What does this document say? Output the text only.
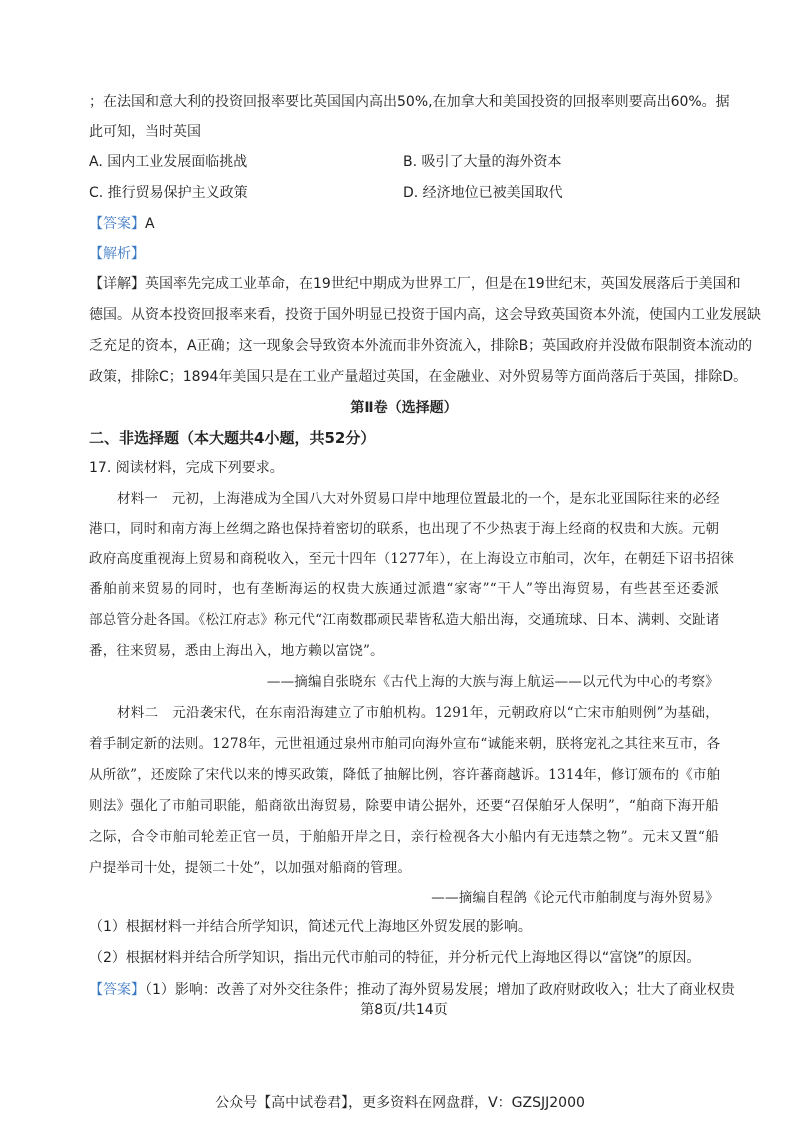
；在法国和意大利的投资回报率要比英国国内高出50%,在加拿大和美国投资的回报率则要高出60%。据
此可知，当时英国
A. 国内工业发展面临挑战	B. 吸引了大量的海外资本
C. 推行贸易保护主义政策	D. 经济地位已被美国取代
【答案】A
【解析】
【详解】英国率先完成工业革命，在19世纪中期成为世界工厂，但是在19世纪末，英国发展落后于美国和
德国。从资本投资回报率来看，投资于国外明显已投资于国内高，这会导致英国资本外流，使国内工业发展缺
乏充足的资本，A正确；这一现象会导致资本外流而非外资流入，排除B；英国政府并没做布限制资本流动的
政策，排除C；1894年美国只是在工业产量超过英国，在金融业、对外贸易等方面尚落后于英国，排除D。
第Ⅱ卷（选择题）
二、非选择题（本大题共4小题，共52分）
17. 阅读材料，完成下列要求。
材料一　元初，上海港成为全国八大对外贸易口岸中地理位置最北的一个，是东北亚国际往来的必经
港口，同时和南方海上丝绸之路也保持着密切的联系，也出现了不少热衷于海上经商的权贵和大族。元朝
政府高度重视海上贸易和商税收入，至元十四年（1277年），在上海设立市舶司，次年，在朝廷下诏书招徕
番舶前来贸易的同时，也有垄断海运的权贵大族通过派遣“家寄”“干人”等出海贸易，有些甚至还委派
部总管分赴各国。《松江府志》称元代“江南数郡顽民辈皆私造大船出海，交通琉球、日本、满剌、交趾诸
番，往来贸易，悉由上海出入，地方赖以富饶”。
——摘编自张晓东《古代上海的大族与海上航运——以元代为中心的考察》
材料二　元沿袭宋代，在东南沿海建立了市舶机构。1291年，元朝政府以“亡宋市舶则例”为基础，
着手制定新的法则。1278年，元世祖通过泉州市舶司向海外宣布“诚能来朝，朕将宠礼之其往来互市，各
从所欲”，还废除了宋代以来的博买政策，降低了抽解比例，容许蕃商越诉。1314年，修订颁布的《市舶
则法》强化了市舶司职能，船商欲出海贸易，除要申请公据外，还要“召保舶牙人保明”，“舶商下海开船
之际，合令市舶司轮差正官一员，于舶船开岸之日，亲行检视各大小船内有无违禁之物”。元末又置“船
户提举司十处，提领二十处”，以加强对船商的管理。
——摘编自程鸽《论元代市舶制度与海外贸易》
（1）根据材料一并结合所学知识，简述元代上海地区外贸发展的影响。
（2）根据材料并结合所学知识，指出元代市舶司的特征，并分析元代上海地区得以“富饶”的原因。
【答案】（1）影响：改善了对外交往条件；推动了海外贸易发展；增加了政府财政收入；壮大了商业权贵
第8页/共14页
公众号【高中试卷君】，更多资料在网盘群，V：GZSJJ2000
